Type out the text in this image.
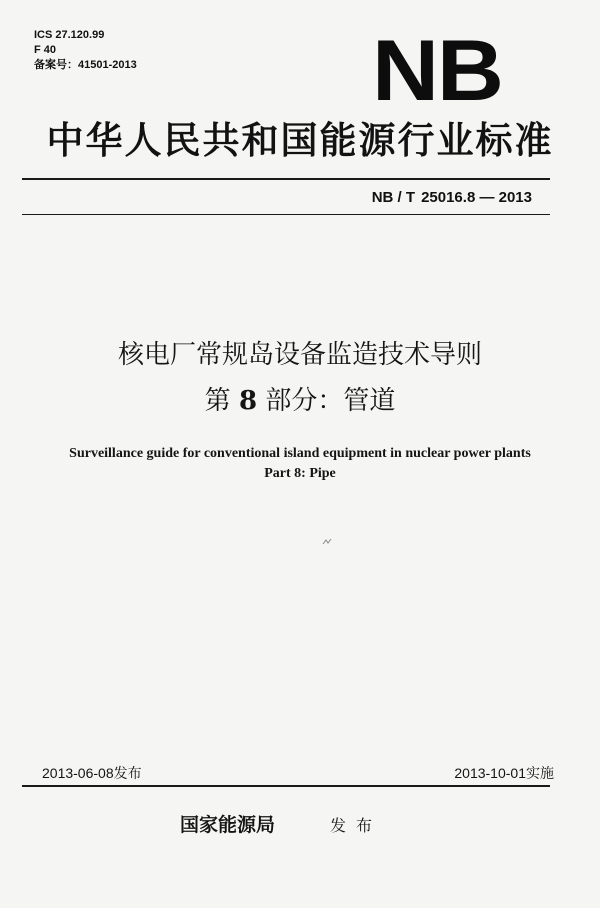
ICS 27.120.99
F 40
备案号：41501-2013	NB
中华人民共和国能源行业标准
NB / T 25016.8 — 2013
核电厂常规岛设备监造技术导则
第 8 部分：管道
Surveillance guide for conventional island equipment in nuclear power plants
Part 8: Pipe
2013-06-08发布	2013-10-01实施
国家能源局	发布
